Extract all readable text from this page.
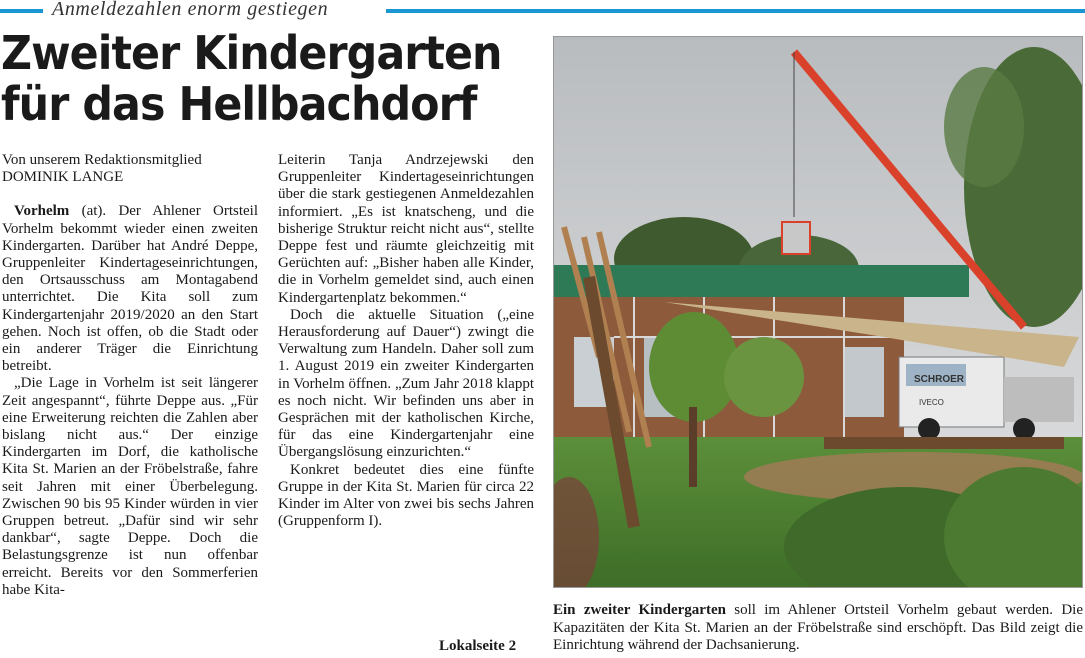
Anmeldezahlen enorm gestiegen
Zweiter Kindergarten
für das Hellbachdorf

Von unserem Redaktionsmitglied
DOMINIK LANGE

Vorhelm (at). Der Ahlener Ortsteil Vorhelm bekommt wieder einen zweiten Kindergarten. Darüber hat André Deppe, Gruppenleiter Kindertageseinrichtungen, den Ortsausschuss am Montagabend unterrichtet. Die Kita soll zum Kindergartenjahr 2019/2020 an den Start gehen. Noch ist offen, ob die Stadt oder ein anderer Träger die Einrichtung betreibt.

„Die Lage in Vorhelm ist seit längerer Zeit angespannt“, führte Deppe aus. „Für eine Erweiterung reichten die Zahlen aber bislang nicht aus.“ Der einzige Kindergarten im Dorf, die katholische Kita St. Marien an der Fröbelstraße, fahre seit Jahren mit einer Überbelegung. Zwischen 90 bis 95 Kinder würden in vier Gruppen betreut. „Dafür sind wir sehr dankbar“, sagte Deppe. Doch die Belastungsgrenze ist nun offenbar erreicht. Bereits vor den Sommerferien habe Kita-

Leiterin Tanja Andrzejewski den Gruppenleiter Kindertageseinrichtungen über die stark gestiegenen Anmeldezahlen informiert. „Es ist knatscheng, und die bisherige Struktur reicht nicht aus“, stellte Deppe fest und räumte gleichzeitig mit Gerüchten auf: „Bisher haben alle Kinder, die in Vorhelm gemeldet sind, auch einen Kindergartenplatz bekommen.“

Doch die aktuelle Situation („eine Herausforderung auf Dauer“) zwingt die Verwaltung zum Handeln. Daher soll zum 1. August 2019 ein zweiter Kindergarten in Vorhelm öffnen. „Zum Jahr 2018 klappt es noch nicht. Wir befinden uns aber in Gesprächen mit der katholischen Kirche, für das eine Kindergartenjahr eine Übergangslösung einzurichten.“

Konkret bedeutet dies eine fünfte Gruppe in der Kita St. Marien für circa 22 Kinder im Alter von zwei bis sechs Jahren (Gruppenform I).

Lokalseite 2
SCHROER
IVECO
Ein zweiter Kindergarten soll im Ahlener Ortsteil Vorhelm gebaut werden. Die Kapazitäten der Kita St. Marien an der Fröbelstraße sind erschöpft. Das Bild zeigt die Einrichtung während der Dachsanierung.
